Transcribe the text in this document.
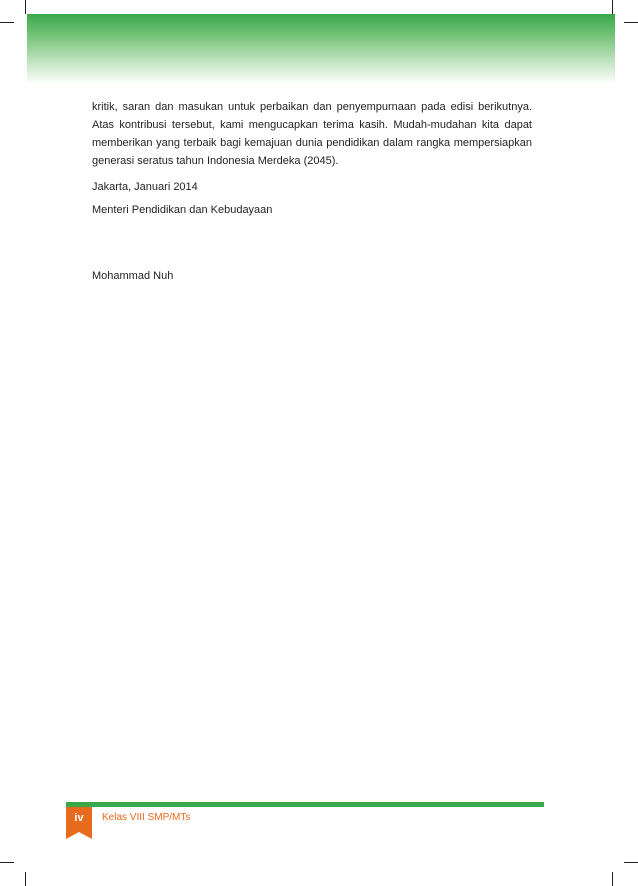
kritik, saran dan masukan untuk perbaikan dan penyempurnaan pada edisi berikutnya. Atas kontribusi tersebut, kami mengucapkan terima kasih. Mudah-mudahan kita dapat memberikan yang terbaik bagi kemajuan dunia pendidikan dalam rangka mempersiapkan generasi seratus tahun Indonesia Merdeka (2045).

Jakarta, Januari 2014

Menteri Pendidikan dan Kebudayaan

Mohammad Nuh

iv	Kelas VIII SMP/MTs
